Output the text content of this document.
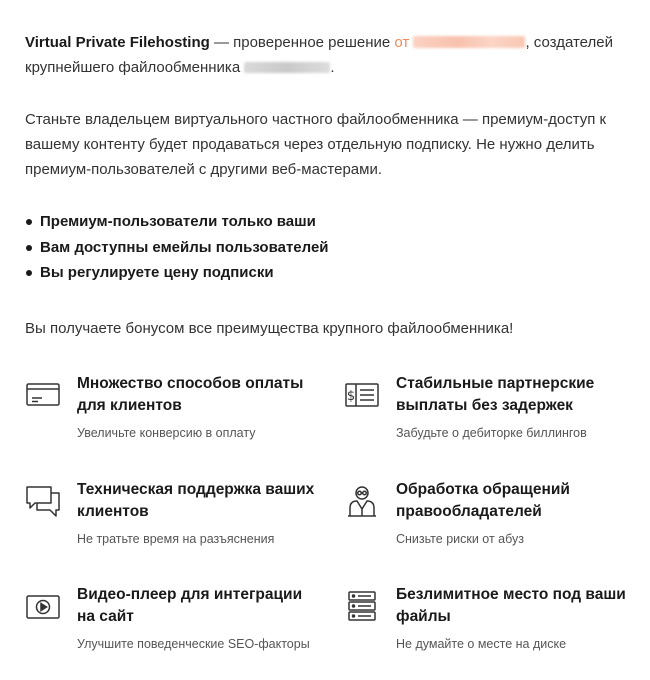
Virtual Private Filehosting — проверенное решение от	, создателей крупнейшего файлообменника	.

Станьте владельцем виртуального частного файлообменника — премиум-доступ к вашему контенту будет продаваться через отдельную подписку. Не нужно делить премиум-пользователей с другими веб-мастерами.

Премиум-пользователи только ваши
Вам доступны емейлы пользователей
Вы регулируете цену подписки

Вы получаете бонусом все преимущества крупного файлообменника!

Множество способов оплаты для клиентов
Увеличьте конверсию в оплату
$
Стабильные партнерские выплаты без задержек
Забудьте о дебиторке биллингов
Техническая поддержка ваших клиентов
Не тратьте время на разъяснения
Обработка обращений правообладателей
Снизьте риски от абуз
Видео-плеер для интеграции на сайт
Улучшите поведенческие SEO-факторы
Безлимитное место под ваши файлы
Не думайте о месте на диске
